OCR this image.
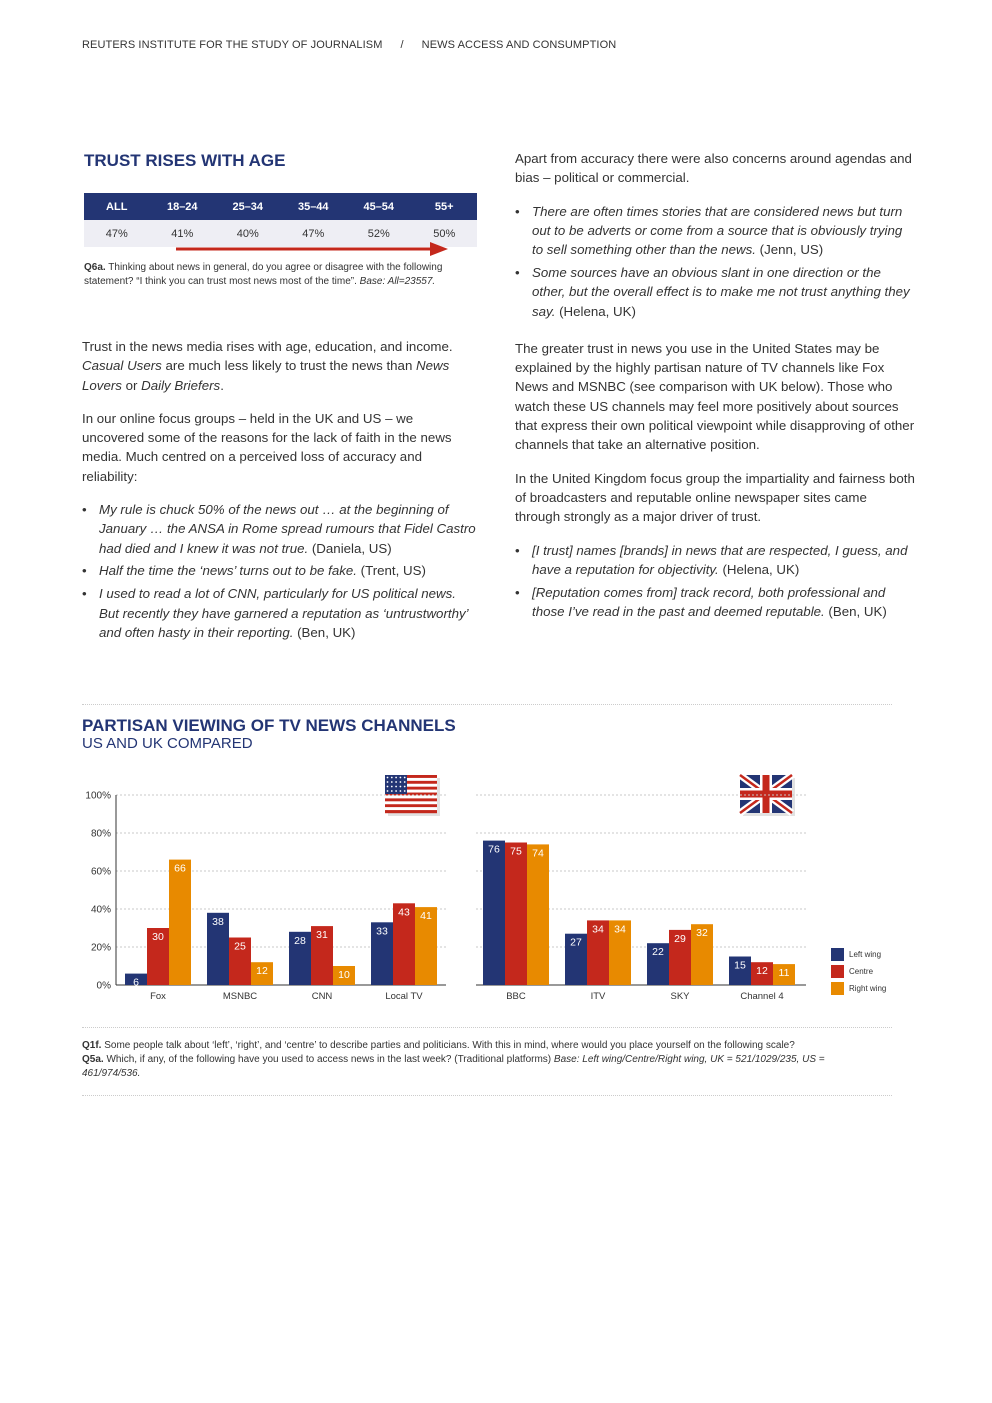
REUTERS INSTITUTE FOR THE STUDY OF JOURNALISM / NEWS ACCESS AND CONSUMPTION
TRUST RISES WITH AGE
ALL	18–24	25–34	35–44	45–54	55+
47%	41%	40%	47%	52%	50%
Q6a. Thinking about news in general, do you agree or disagree with the following statement? “I think you can trust most news most of the time”. Base: All=23557.

Trust in the news media rises with age, education, and income. Casual Users are much less likely to trust the news than News Lovers or Daily Briefers.

In our online focus groups – held in the UK and US – we uncovered some of the reasons for the lack of faith in the news media. Much centred on a perceived loss of accuracy and reliability:

• My rule is chuck 50% of the news out … at the beginning of January … the ANSA in Rome spread rumours that Fidel Castro had died and I knew it was not true. (Daniela, US)
• Half the time the ‘news’ turns out to be fake. (Trent, US)
• I used to read a lot of CNN, particularly for US political news. But recently they have garnered a reputation as ‘untrustworthy’ and often hasty in their reporting. (Ben, UK)

Apart from accuracy there were also concerns around agendas and bias – political or commercial.

• There are often times stories that are considered news but turn out to be adverts or come from a source that is obviously trying to sell something other than the news. (Jenn, US)
• Some sources have an obvious slant in one direction or the other, but the overall effect is to make me not trust anything they say. (Helena, UK)

The greater trust in news you use in the United States may be explained by the highly partisan nature of TV channels like Fox News and MSNBC (see comparison with UK below). Those who watch these US channels may feel more positively about sources that express their own political viewpoint while disapproving of other channels that take an alternative position.

In the United Kingdom focus group the impartiality and fairness both of broadcasters and reputable online newspaper sites came through strongly as a major driver of trust.

• [I trust] names [brands] in news that are respected, I guess, and have a reputation for objectivity. (Helena, UK)
• [Reputation comes from] track record, both professional and those I’ve read in the past and deemed reputable. (Ben, UK)
PARTISAN VIEWING OF TV NEWS CHANNELS
US AND UK COMPARED
0%
20%
40%
60%
80%
100%
6
30
66
Fox
38
25
12
MSNBC
28 31
10
CNN
33
43 41
Local TV
76 75 74
BBC
27
34 34
ITV
22
29 32
SKY
15 12 11
Channel 4
Left wing
Centre
Right wing
Q1f. Some people talk about ‘left’, ‘right’, and ‘centre’ to describe parties and politicians. With this in mind, where would you place yourself on the following scale?
Q5a. Which, if any, of the following have you used to access news in the last week? (Traditional platforms) Base: Left wing/Centre/Right wing, UK = 521/1029/235, US = 461/974/536.
